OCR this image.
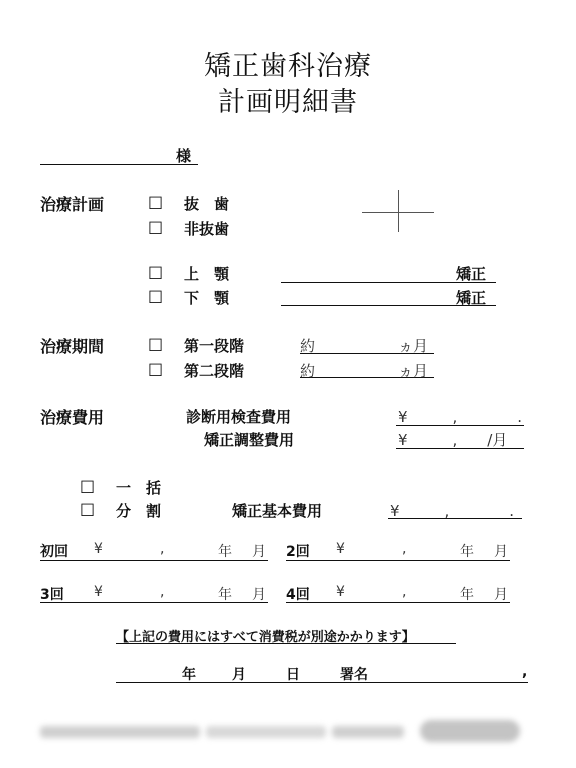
矯正歯科治療
計画明細書
様
治療計画	□ 抜　歯
□ 非抜歯
□ 上　顎	矯正
□ 下　顎	矯正
治療期間	□ 第一段階	約	ヵ月
□ 第二段階	約	ヵ月
治療費用	診断用検査費用	¥　　　,　　　　.
矯正調整費用	¥　　　,　　/月
□ 一　括
□ 分　割	矯正基本費用	¥　　　,　　　　.
初回 ¥	,	年 月 2回 ¥	,	年 月
3回 ¥	,	年 月 4回 ¥	,	年 月
【上記の費用にはすべて消費税が別途かかります】
年	月	日	署名	,
